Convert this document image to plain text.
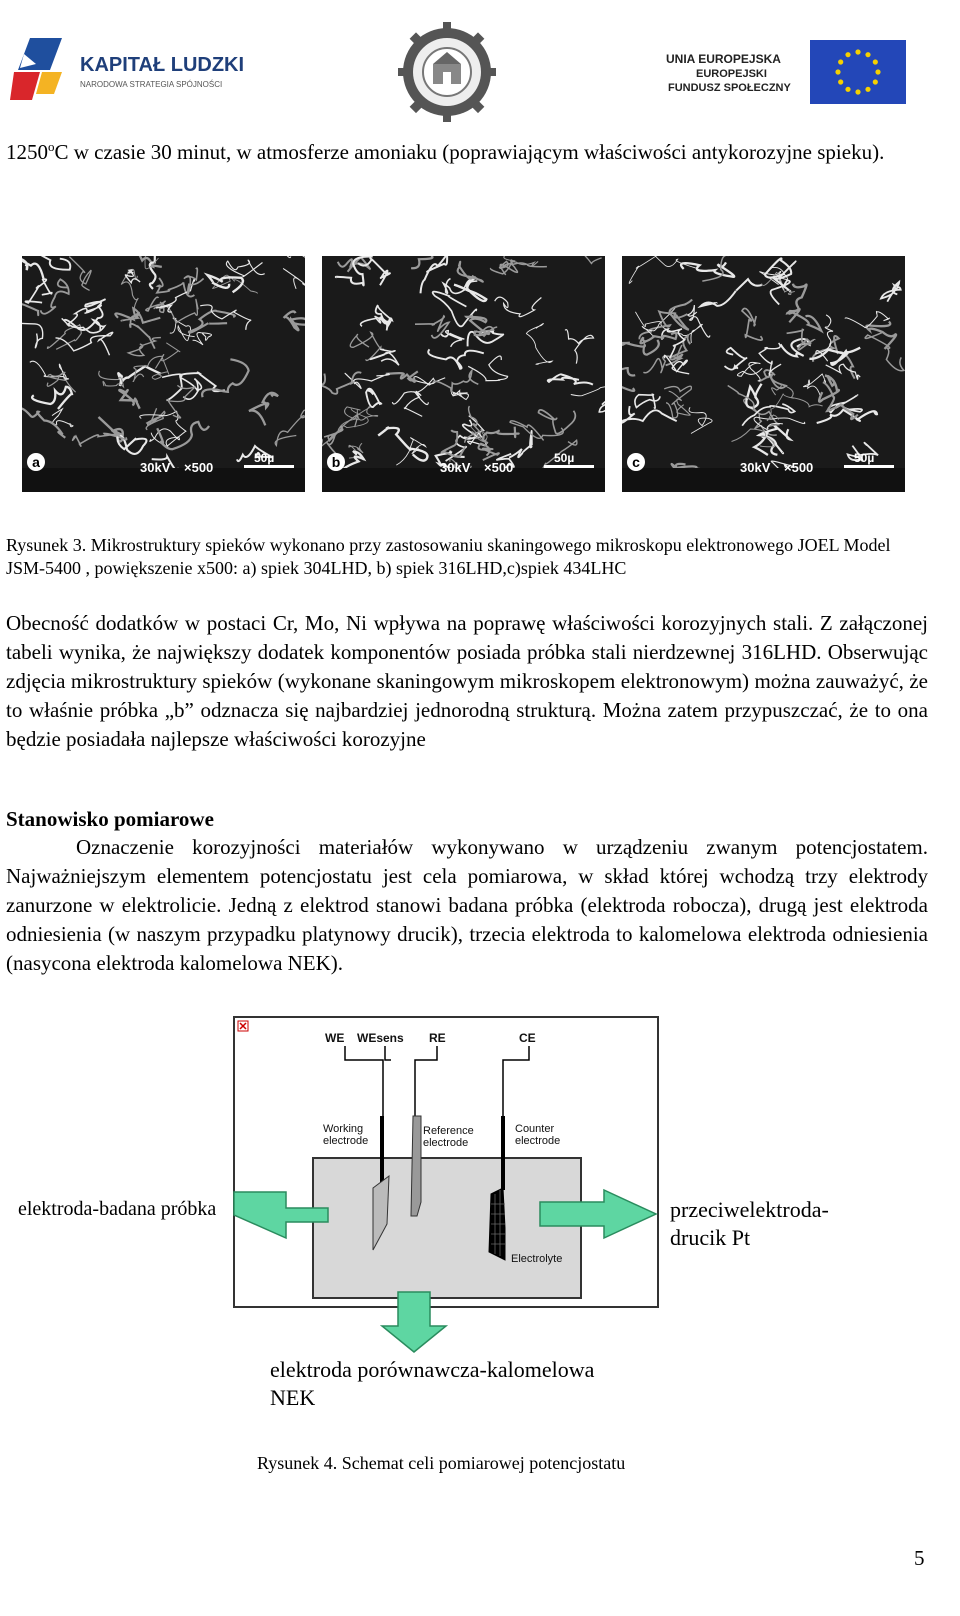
KAPITAŁ LUDZKI
NARODOWA STRATEGIA SPÓJNOŚCI
UNIA EUROPEJSKA
EUROPEJSKI
FUNDUSZ SPOŁECZNY
1250$^o$C w czasie 30 minut, w atmosferze amoniaku (poprawiającym właściwości antykorozyjne spieku).
a	30kV ×500
50µ	b	30kV ×500
50µ	c	30kV ×500
50µ
Rysunek 3. Mikrostruktury spieków wykonano przy zastosowaniu skaningowego mikroskopu elektronowego JOEL Model JSM-5400 , powiększenie x500: a) spiek 304LHD, b) spiek 316LHD,c)spiek 434LHC
Obecność dodatków w postaci Cr, Mo, Ni wpływa na poprawę właściwości korozyjnych stali. Z załączonej tabeli wynika, że największy dodatek komponentów posiada próbka stali nierdzewnej 316LHD. Obserwując zdjęcia mikrostruktury spieków (wykonane skaningowym mikroskopem elektronowym) można zauważyć, że to właśnie próbka „b” odznacza się najbardziej jednorodną strukturą. Można zatem przypuszczać, że to ona będzie posiadała najlepsze właściwości korozyjne
Stanowisko pomiarowe
Oznaczenie korozyjności materiałów wykonywano w urządzeniu zwanym potencjostatem. Najważniejszym elementem potencjostatu jest cela pomiarowa, w skład której wchodzą trzy elektrody zanurzone w elektrolicie. Jedną z elektrod stanowi badana próbka (elektroda robocza), drugą jest elektroda odniesienia (w naszym przypadku platynowy drucik), trzecia elektroda to kalomelowa elektroda odniesienia (nasycona elektroda kalomelowa NEK).
WE WEsens RE	CE
Working
electrode
Reference
electrode
Counter
electrode
Electrolyte
elektroda-badana próbka	przeciwelektroda-
drucik Pt
elektroda porównawcza-kalomelowa
NEK
Rysunek 4. Schemat celi pomiarowej potencjostatu
5
